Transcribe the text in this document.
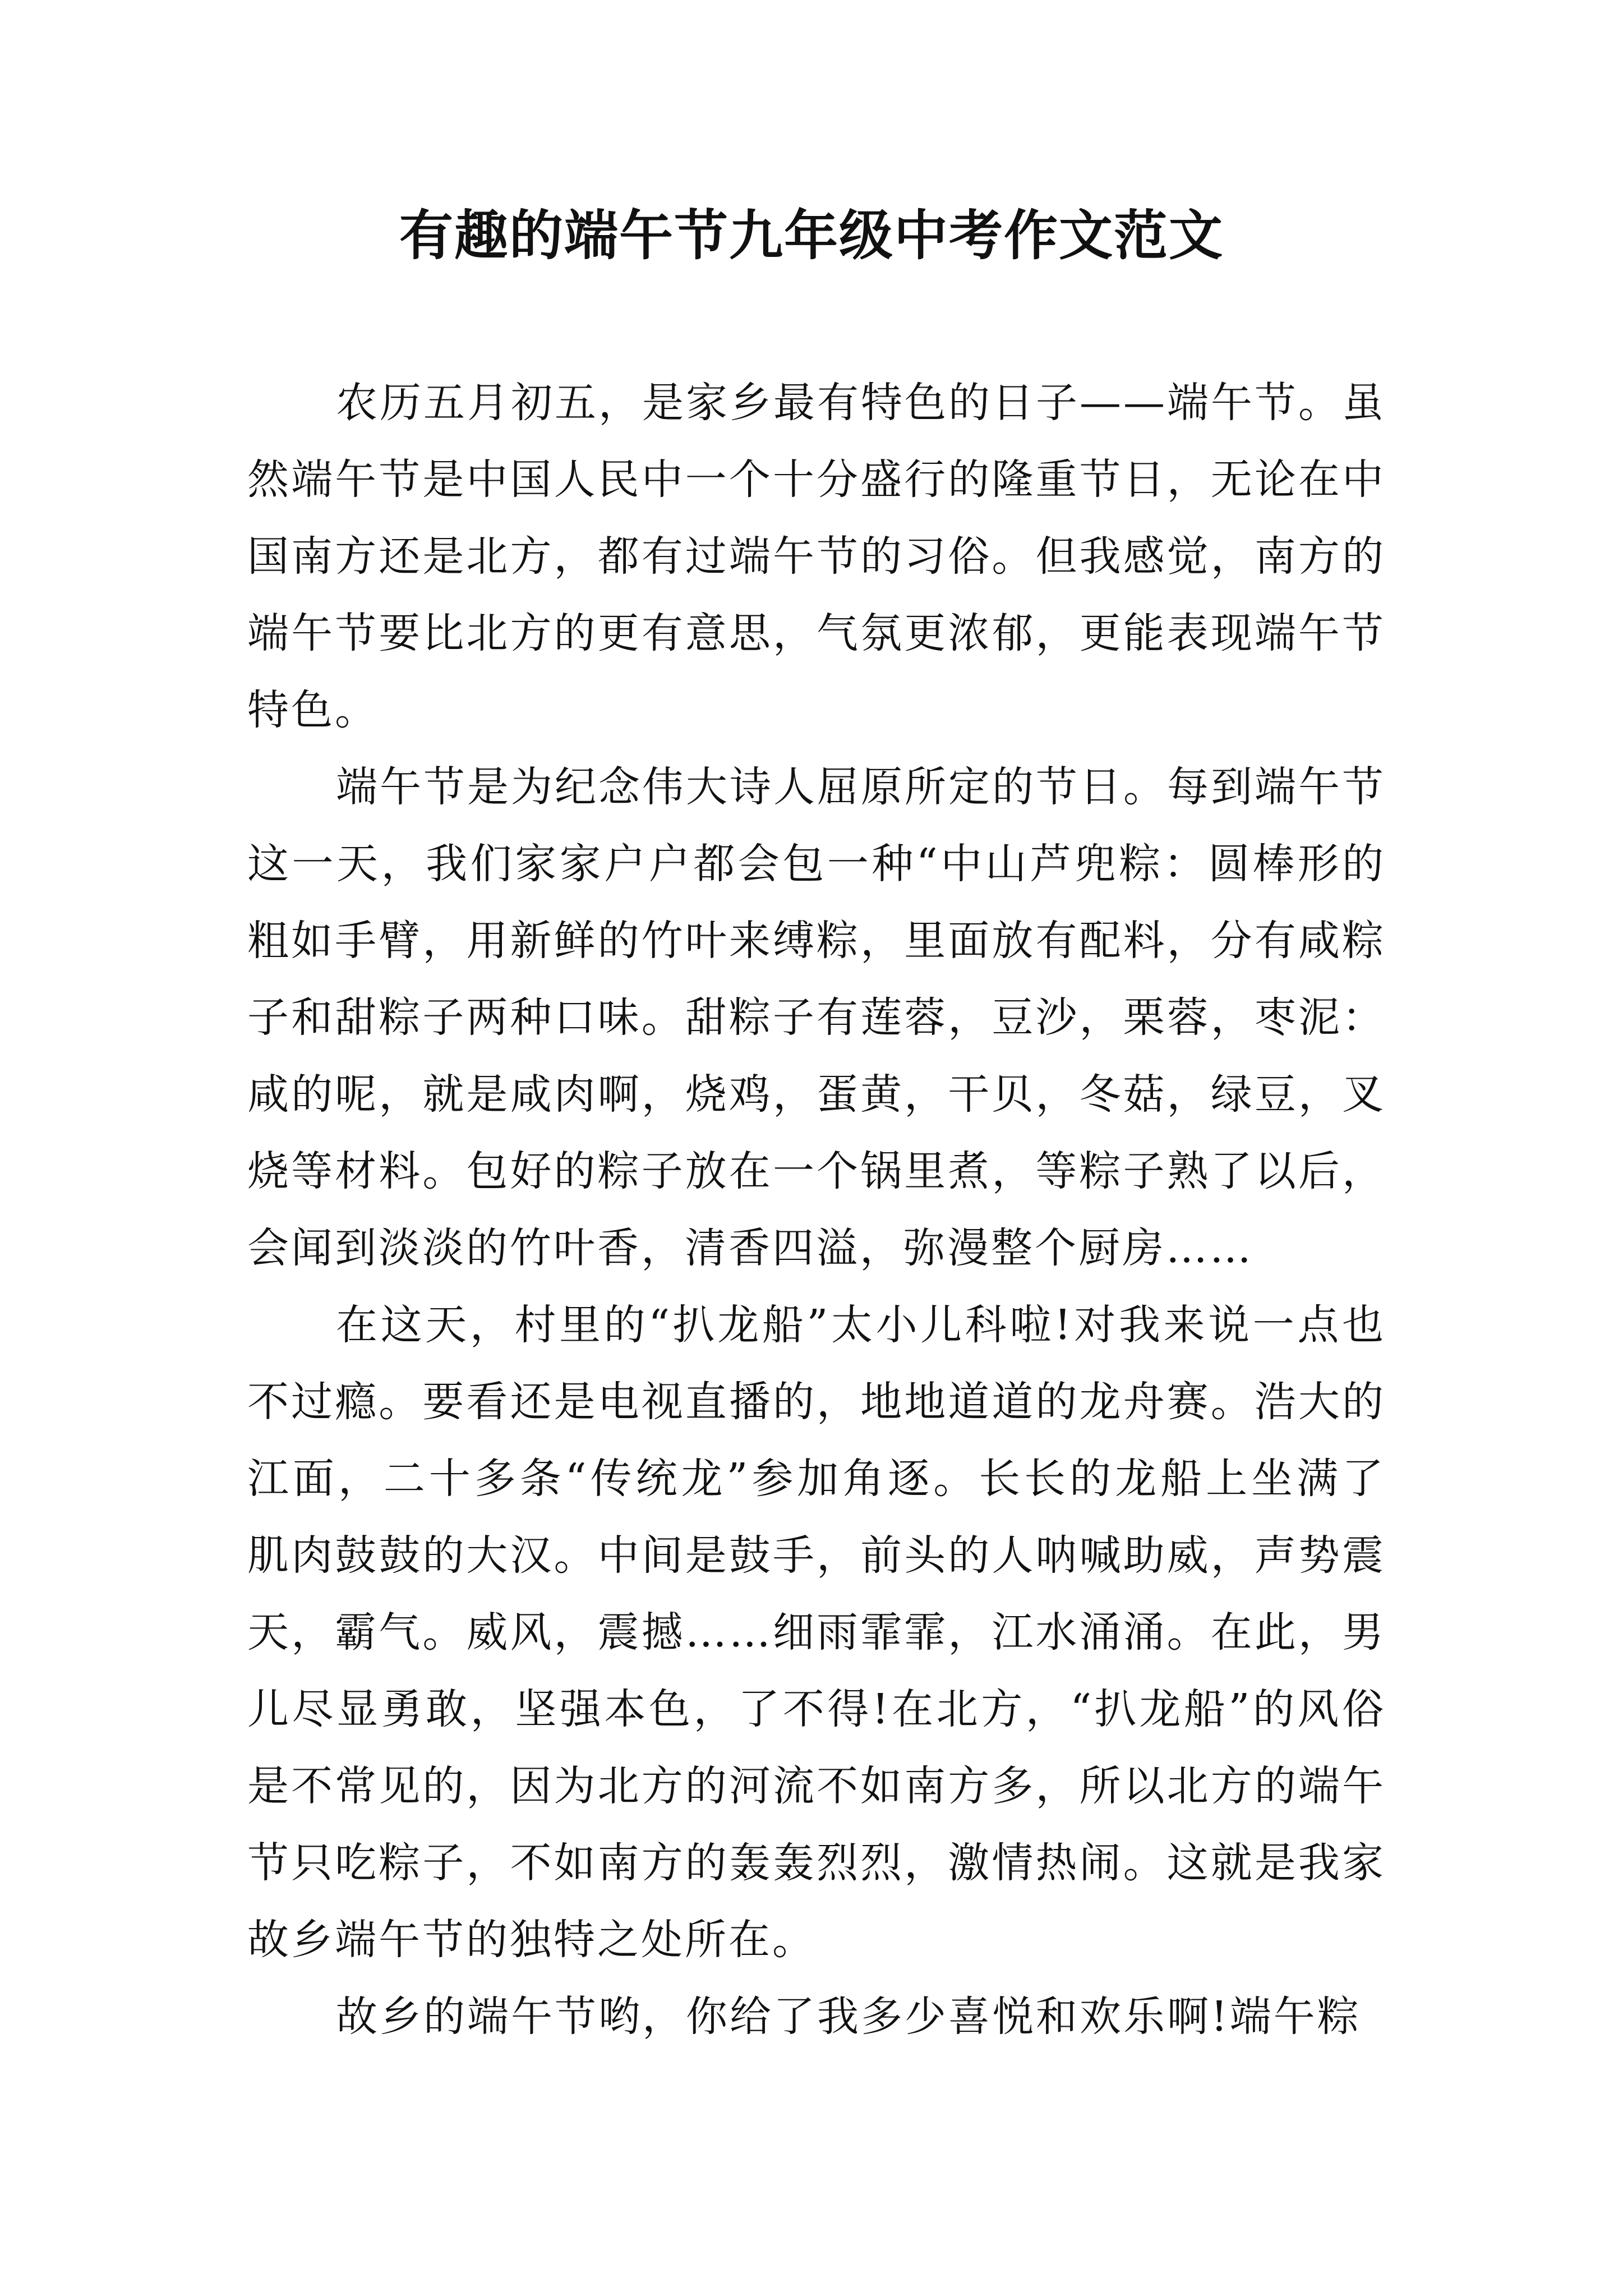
有趣的端午节九年级中考作文范文

农历五月初五，是家乡最有特色的日子——端午节。虽然端午节是中国人民中一个十分盛行的隆重节日，无论在中国南方还是北方，都有过端午节的习俗。但我感觉，南方的端午节要比北方的更有意思，气氛更浓郁，更能表现端午节特色。

端午节是为纪念伟大诗人屈原所定的节日。每到端午节这一天，我们家家户户都会包一种“中山芦兜粽：圆棒形的粗如手臂，用新鲜的竹叶来缚粽，里面放有配料，分有咸粽子和甜粽子两种口味。甜粽子有莲蓉，豆沙，栗蓉，枣泥：咸的呢，就是咸肉啊，烧鸡，蛋黄，干贝，冬菇，绿豆，叉烧等材料。包好的粽子放在一个锅里煮，等粽子熟了以后，会闻到淡淡的竹叶香，清香四溢，弥漫整个厨房……

在这天，村里的“扒龙船”太小儿科啦!对我来说一点也不过瘾。要看还是电视直播的，地地道道的龙舟赛。浩大的江面，二十多条“传统龙”参加角逐。长长的龙船上坐满了肌肉鼓鼓的大汉。中间是鼓手，前头的人呐喊助威，声势震天，霸气。威风，震撼……细雨霏霏，江水涌涌。在此，男儿尽显勇敢，坚强本色，了不得!在北方，“扒龙船”的风俗是不常见的，因为北方的河流不如南方多，所以北方的端午节只吃粽子，不如南方的轰轰烈烈，激情热闹。这就是我家故乡端午节的独特之处所在。

故乡的端午节哟，你给了我多少喜悦和欢乐啊!端午粽
